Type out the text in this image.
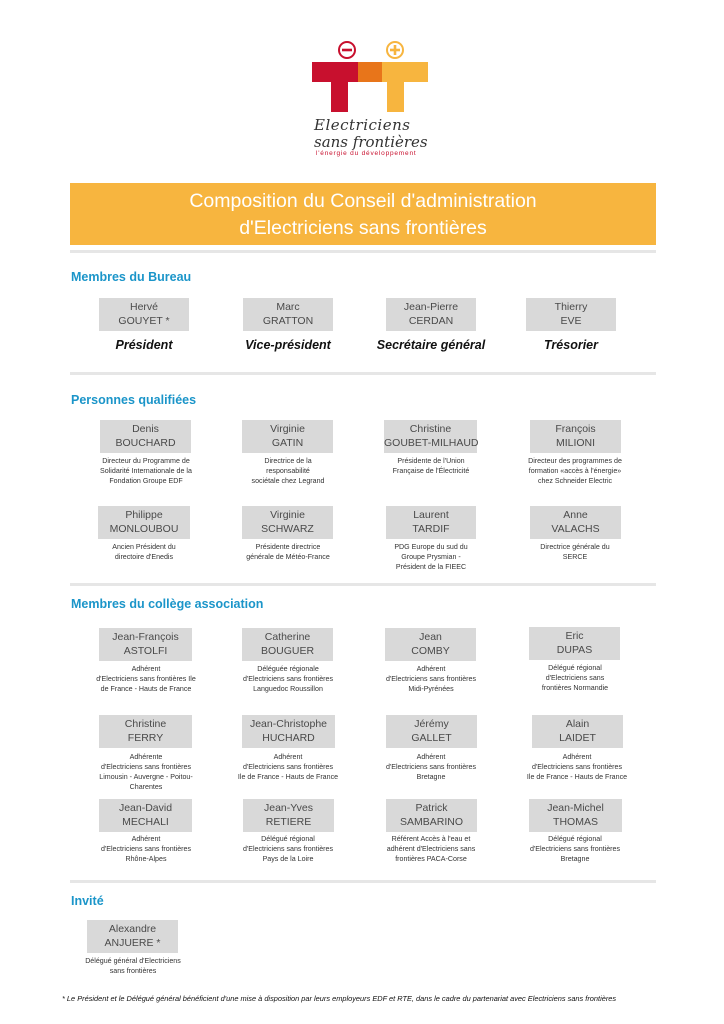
Electriciens
sans frontières
l'énergie du développement
Composition du Conseil d'administration
d'Electriciens sans frontières
Membres du Bureau
Hervé
GOUYET *
Marc
GRATTON
Jean-Pierre
CERDAN
Thierry
EVE
Président	Vice-président	Secrétaire général	Trésorier
Personnes qualifiées
Denis
BOUCHARD
Virginie
GATIN
Christine
GOUBET-MILHAUD
François
MILIONI
Directeur du Programme de
Solidarité Internationale de la
Fondation Groupe EDF
Directrice de la
responsabilité
sociétale chez Legrand
Présidente de l'Union
Française de l'Électricité
Directeur des programmes de
formation «accès à l'énergie»
chez Schneider Electric
Philippe
MONLOUBOU
Virginie
SCHWARZ
Laurent
TARDIF
Anne
VALACHS
Ancien Président du
directoire d'Enedis
Présidente directrice
générale de Météo-France
PDG Europe du sud du
Groupe Prysmian -
Président de la FIEEC
Directrice générale du
SERCE
Membres du collège association
Jean-François
ASTOLFI
Catherine
BOUGUER
Jean
COMBY
Eric
DUPAS
Adhérent
d'Electriciens sans frontières Ile
de France - Hauts de France
Déléguée régionale
d'Electriciens sans frontières
Languedoc Roussillon
Adhérent
d'Electriciens sans frontières
Midi-Pyrénées
Délégué régional
d'Electriciens sans
frontières Normandie
Christine
FERRY
Jean-Christophe
HUCHARD
Jérémy
GALLET
Alain
LAIDET
Adhérente
d'Electriciens sans frontières
Limousin - Auvergne - Poitou-
Charentes
Adhérent
d'Electriciens sans frontières
Ile de France - Hauts de France
Adhérent
d'Electriciens sans frontières
Bretagne
Adhérent
d'Electriciens sans frontières
Ile de France - Hauts de France
Jean-David
MECHALI
Jean-Yves
RETIERE
Patrick
SAMBARINO
Jean-Michel
THOMAS
Adhérent
d'Electriciens sans frontières
Rhône-Alpes
Délégué régional
d'Electriciens sans frontières
Pays de la Loire
Référent Accès à l'eau et
adhérent d'Electriciens sans
frontières PACA-Corse
Délégué régional
d'Electriciens sans frontières
Bretagne
Invité
Alexandre
ANJUERE *
Délégué général d'Electriciens
sans frontières
* Le Président et le Délégué général bénéficient d'une mise à disposition par leurs employeurs EDF et RTE, dans le cadre du partenariat avec Electriciens sans frontières
